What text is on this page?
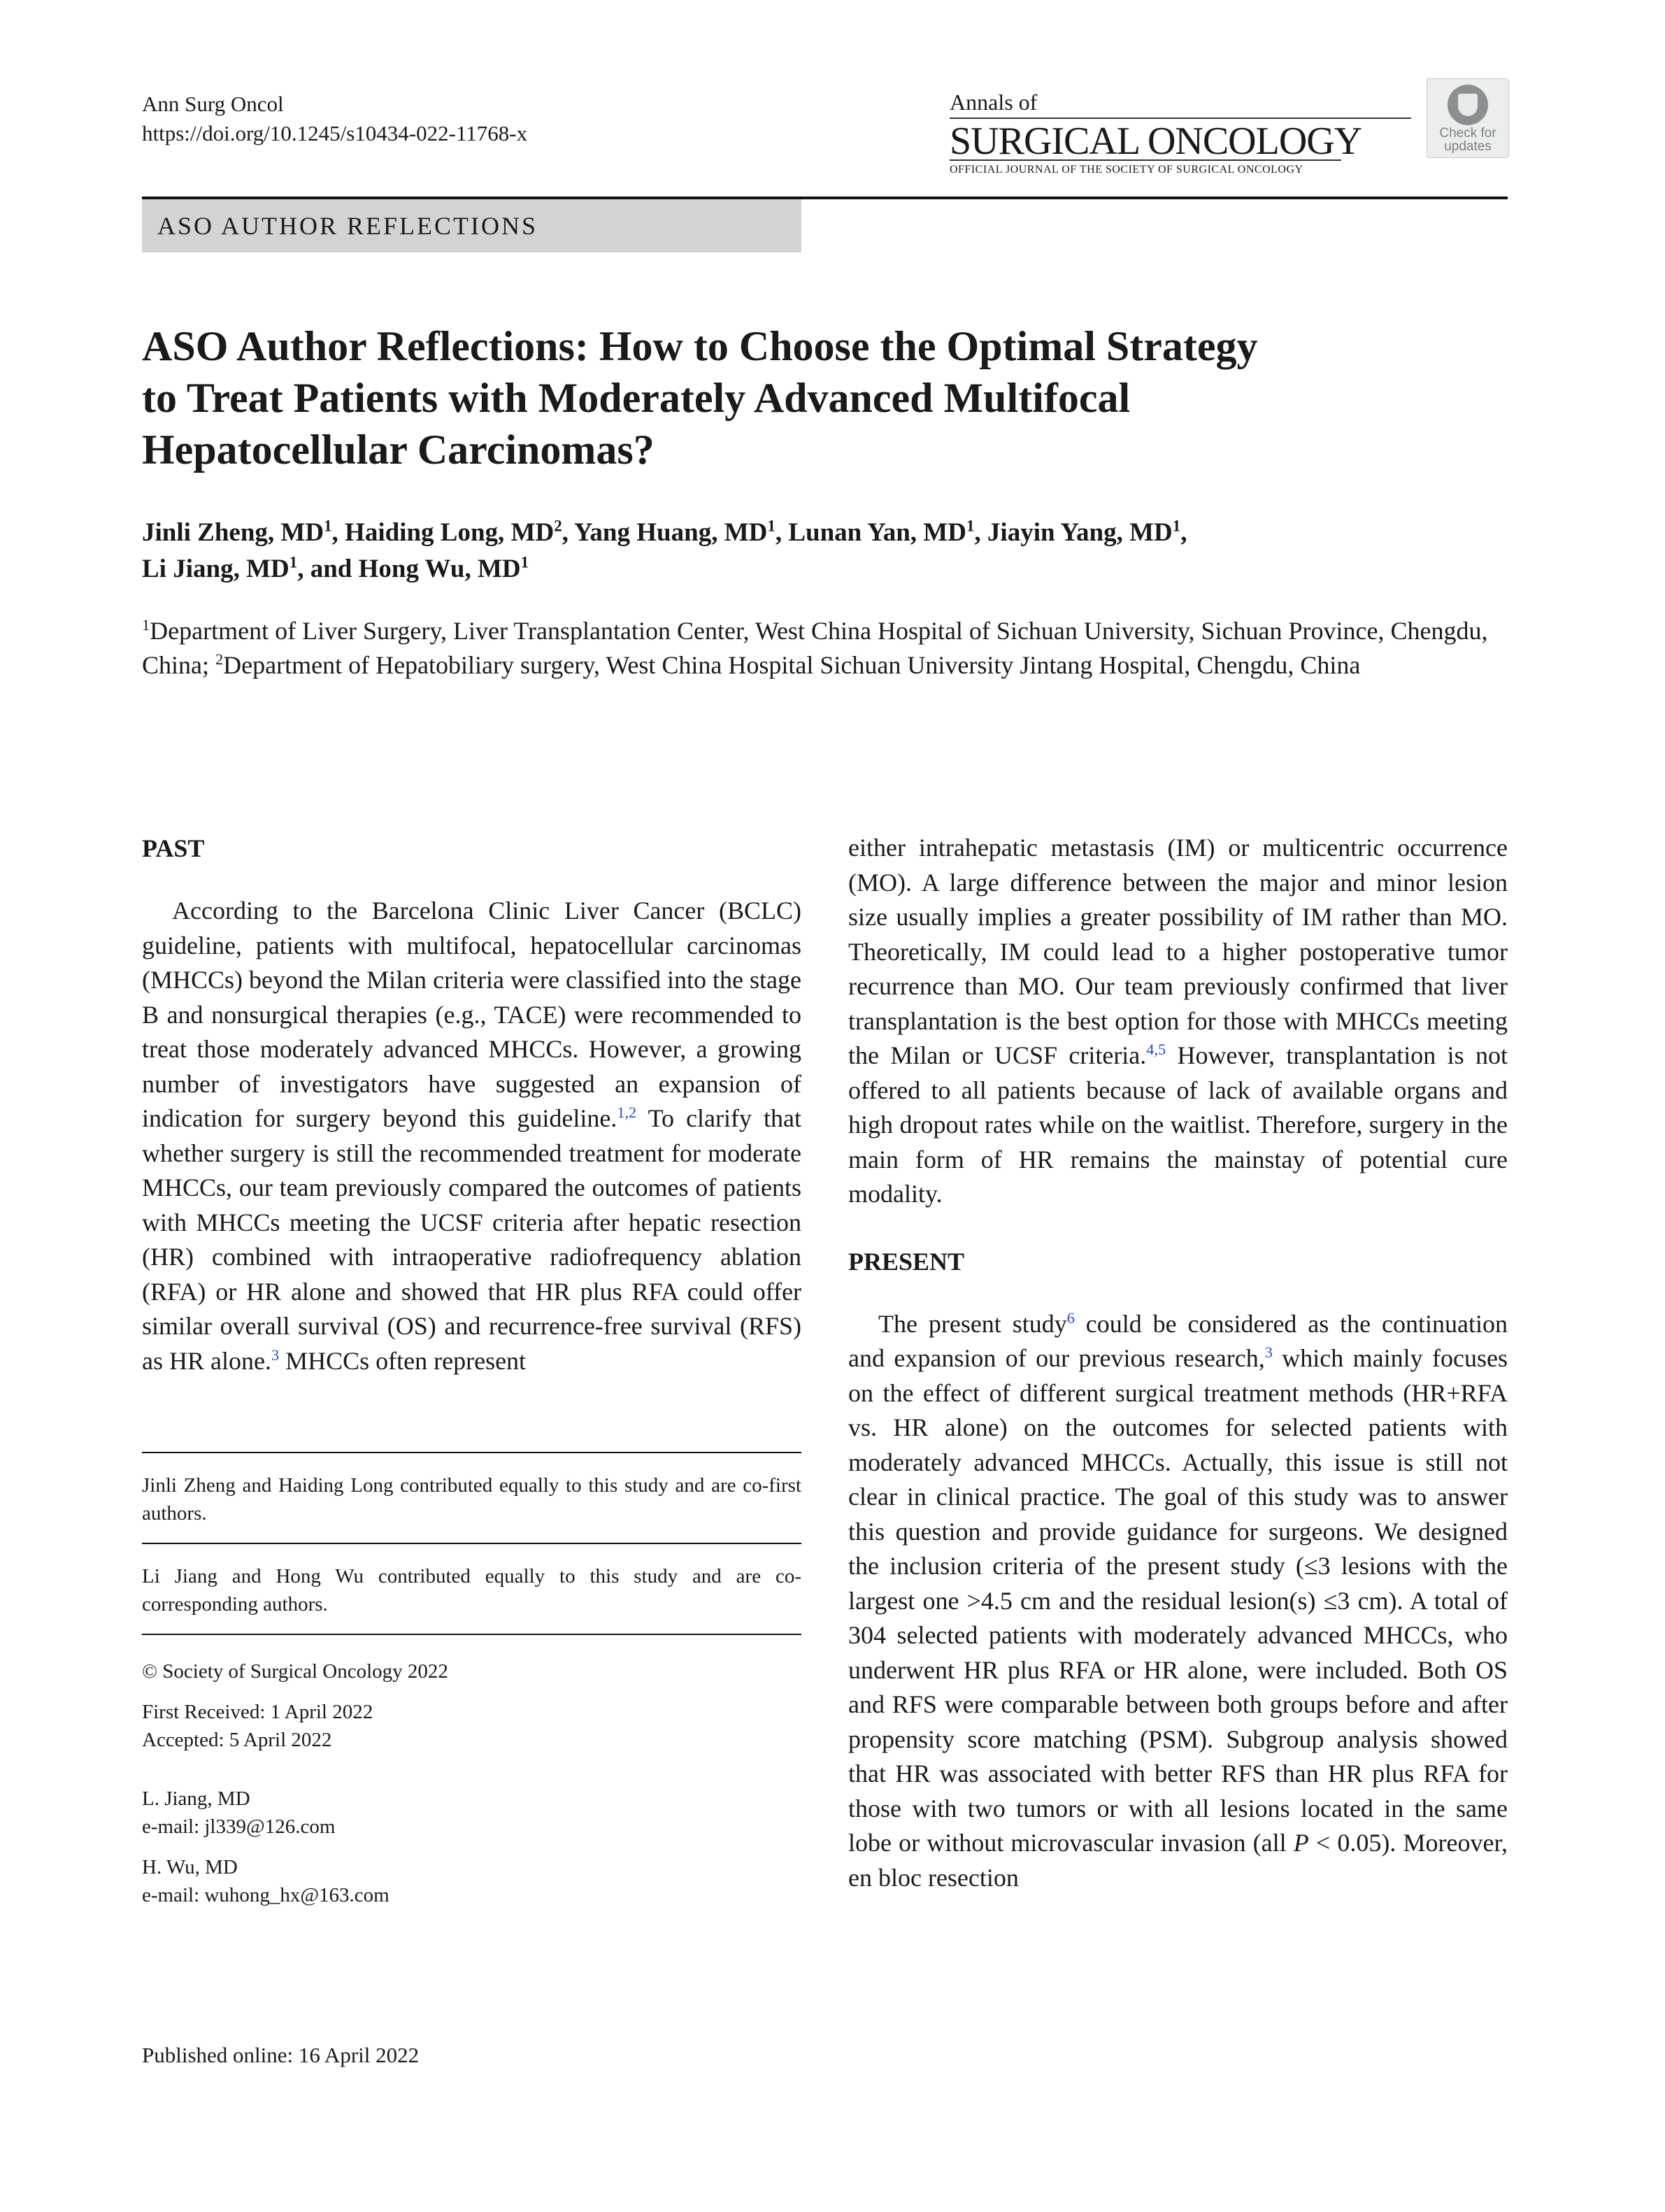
Ann Surg Oncol
https://doi.org/10.1245/s10434-022-11768-x
Annals of
SURGICAL ONCOLOGY
OFFICIAL JOURNAL OF THE SOCIETY OF SURGICAL ONCOLOGY
Check for
updates
ASO AUTHOR REFLECTIONS
ASO Author Reflections: How to Choose the Optimal Strategy
to Treat Patients with Moderately Advanced Multifocal
Hepatocellular Carcinomas?
Jinli Zheng, $MD^1$, Haiding Long, $MD^2$, Yang Huang, $MD^1$, Lunan Yan, $MD^1$, Jiayin Yang, $MD^1$,
Li Jiang, $MD^1$, and Hong Wu, $MD^1$
$^1$Department of Liver Surgery, Liver Transplantation Center, West China Hospital of Sichuan University, Sichuan Province, Chengdu, China; $^2$Department of Hepatobiliary surgery, West China Hospital Sichuan University Jintang Hospital, Chengdu, China
PAST

According to the Barcelona Clinic Liver Cancer (BCLC) guideline, patients with multifocal, hepatocellular carcinomas (MHCCs) beyond the Milan criteria were classified into the stage B and nonsurgical therapies (e.g., TACE) were recommended to treat those moderately advanced MHCCs. However, a growing number of investigators have suggested an expansion of indication for surgery beyond this guideline.$^{1,2}$ To clarify that whether surgery is still the recommended treatment for moderate MHCCs, our team previously compared the outcomes of patients with MHCCs meeting the UCSF criteria after hepatic resection (HR) combined with intraoperative radiofrequency ablation (RFA) or HR alone and showed that HR plus RFA could offer similar overall survival (OS) and recurrence-free survival (RFS) as HR alone.$^3$ MHCCs often represent

Jinli Zheng and Haiding Long contributed equally to this study and are co-first authors.
Li Jiang and Hong Wu contributed equally to this study and are co-corresponding authors.
© Society of Surgical Oncology 2022
First Received: 1 April 2022
Accepted: 5 April 2022
L. Jiang, MD
e-mail: jl339@126.com
H. Wu, MD
e-mail: wuhong_hx@163.com

either intrahepatic metastasis (IM) or multicentric occurrence (MO). A large difference between the major and minor lesion size usually implies a greater possibility of IM rather than MO. Theoretically, IM could lead to a higher postoperative tumor recurrence than MO. Our team previously confirmed that liver transplantation is the best option for those with MHCCs meeting the Milan or UCSF criteria.$^{4,5}$ However, transplantation is not offered to all patients because of lack of available organs and high dropout rates while on the waitlist. Therefore, surgery in the main form of HR remains the mainstay of potential cure modality.

PRESENT

The present study$^6$ could be considered as the continuation and expansion of our previous research,$^3$ which mainly focuses on the effect of different surgical treatment methods (HR+RFA vs. HR alone) on the outcomes for selected patients with moderately advanced MHCCs. Actually, this issue is still not clear in clinical practice. The goal of this study was to answer this question and provide guidance for surgeons. We designed the inclusion criteria of the present study (≤3 lesions with the largest one >4.5 cm and the residual lesion(s) ≤3 cm). A total of 304 selected patients with moderately advanced MHCCs, who underwent HR plus RFA or HR alone, were included. Both OS and RFS were comparable between both groups before and after propensity score matching (PSM). Subgroup analysis showed that HR was associated with better RFS than HR plus RFA for those with two tumors or with all lesions located in the same lobe or without microvascular invasion (all P < 0.05). Moreover, en bloc resection

Published online: 16 April 2022
